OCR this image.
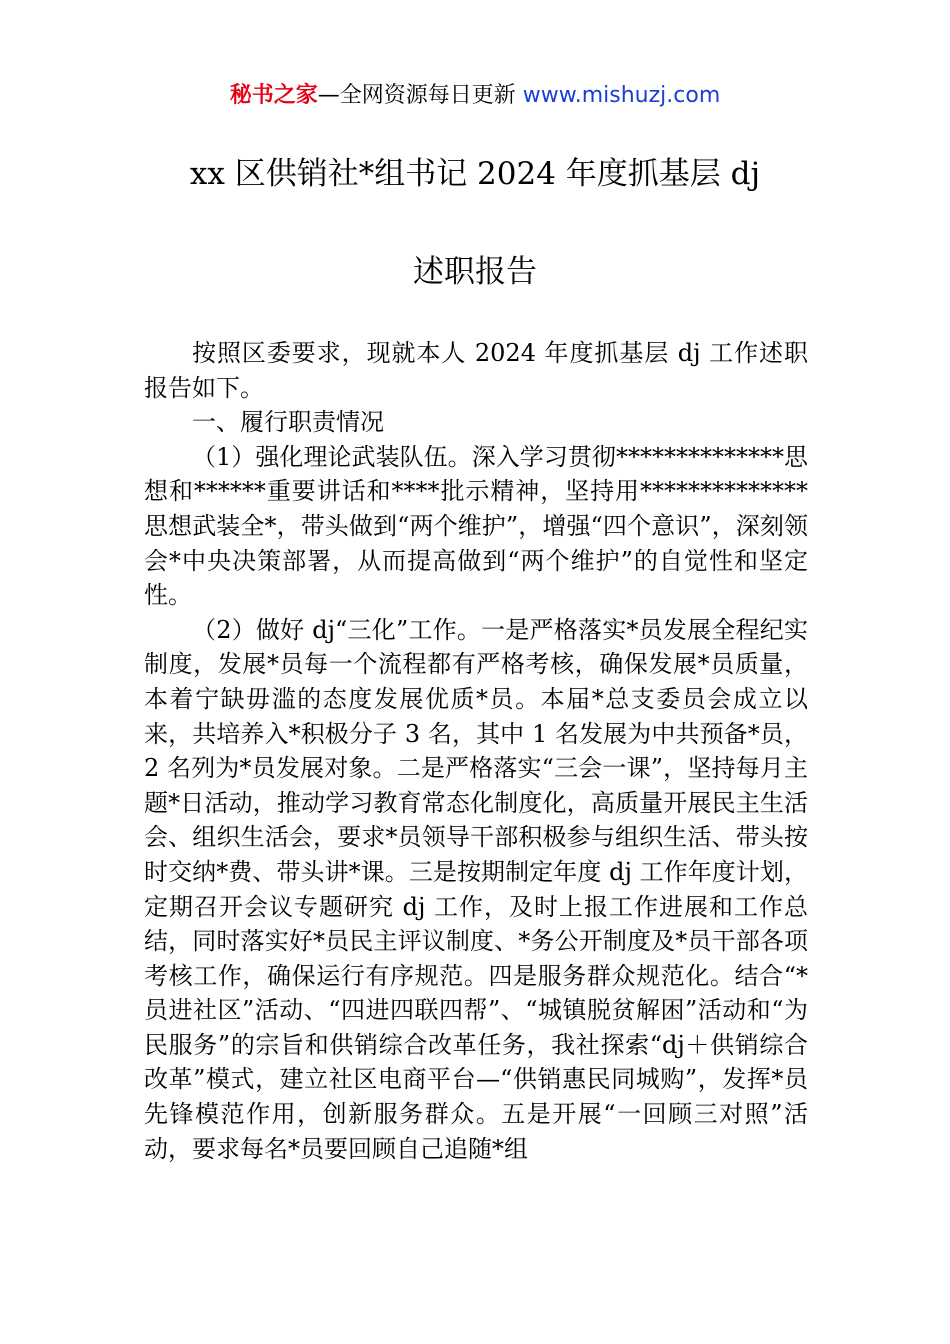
秘书之家—全网资源每日更新 www.mishuzj.com
xx 区供销社*组书记 2024 年度抓基层 dj
述职报告

按照区委要求，现就本人 2024 年度抓基层 dj 工作述职报告如下。

一、履行职责情况

（1）强化理论武装队伍。深入学习贯彻**************思想和******重要讲话和****批示精神，坚持用**************思想武装全*，带头做到“两个维护”，增强“四个意识”，深刻领会*中央决策部署，从而提高做到“两个维护”的自觉性和坚定性。

（2）做好 dj“三化”工作。一是严格落实*员发展全程纪实制度，发展*员每一个流程都有严格考核，确保发展*员质量，本着宁缺毋滥的态度发展优质*员。本届*总支委员会成立以来，共培养入*积极分子 3 名，其中 1 名发展为中共预备*员，2 名列为*员发展对象。二是严格落实“三会一课”，坚持每月主题*日活动，推动学习教育常态化制度化，高质量开展民主生活会、组织生活会，要求*员领导干部积极参与组织生活、带头按时交纳*费、带头讲*课。三是按期制定年度 dj 工作年度计划，定期召开会议专题研究 dj 工作，及时上报工作进展和工作总结，同时落实好*员民主评议制度、*务公开制度及*员干部各项考核工作，确保运行有序规范。四是服务群众规范化。结合“*员进社区”活动、“四进四联四帮”、“城镇脱贫解困”活动和“为民服务”的宗旨和供销综合改革任务，我社探索“dj＋供销综合改革”模式，建立社区电商平台—“供销惠民同城购”，发挥*员先锋模范作用，创新服务群众。五是开展“一回顾三对照”活动，要求每名*员要回顾自己追随*组
